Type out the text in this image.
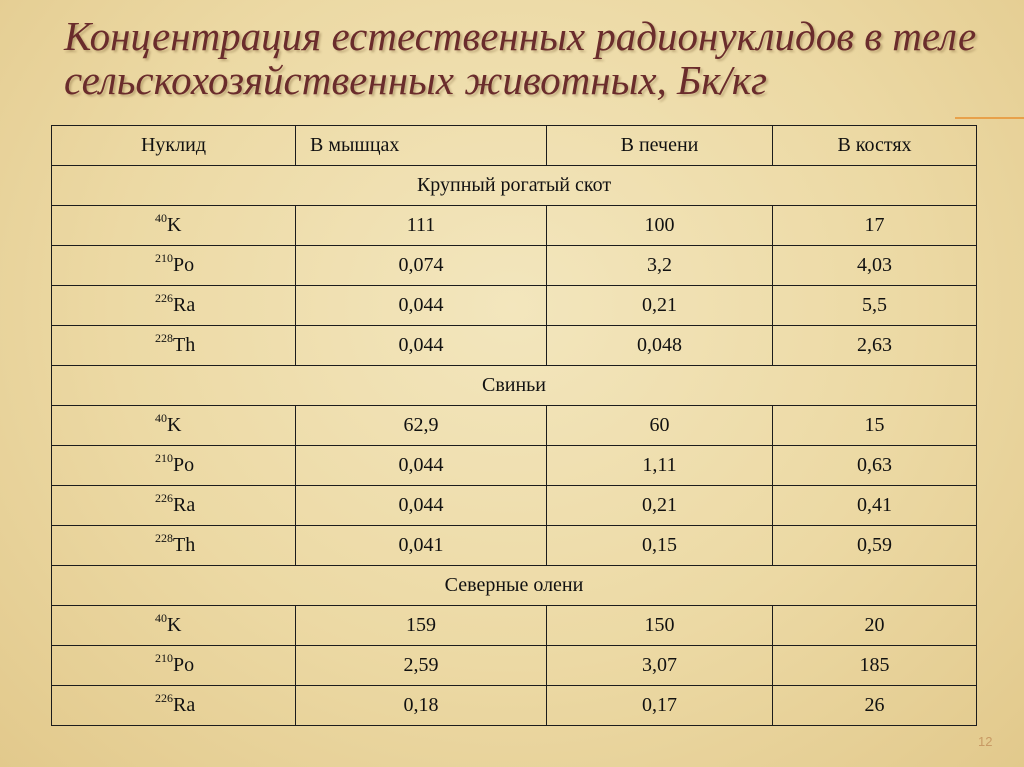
Концентрация естественных радионуклидов в теле сельскохозяйственных животных, Бк/кг
Нуклид	В мышцах	В печени	В костях
Крупный рогатый скот			
$^{40}$K	111	100	17
$^{210}$Po	0,074	3,2	4,03
$^{226}$Ra	0,044	0,21	5,5
$^{228}$Th	0,044	0,048	2,63
Свиньи			
$^{40}$K	62,9	60	15
$^{210}$Po	0,044	1,11	0,63
$^{226}$Ra	0,044	0,21	0,41
$^{228}$Th	0,041	0,15	0,59
Северные олени			
$^{40}$K	159	150	20
$^{210}$Po	2,59	3,07	185
$^{226}$Ra	0,18	0,17	26
12
